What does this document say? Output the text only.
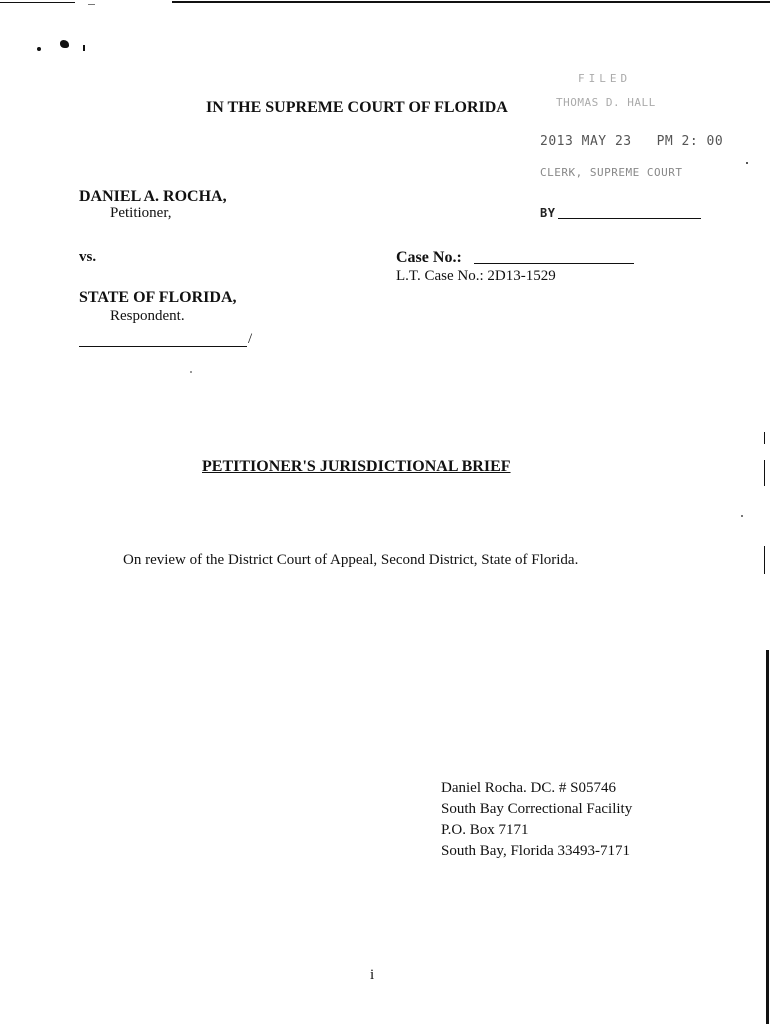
IN THE SUPREME COURT OF FLORIDA
FILED
THOMAS D. HALL
2013 MAY 23   PM 2: 00
CLERK, SUPREME COURT
BY
DANIEL A. ROCHA,
Petitioner,
vs.
STATE OF FLORIDA,
Respondent.
/
Case No.:
L.T. Case No.: 2D13-1529
PETITIONER'S JURISDICTIONAL BRIEF
On review of the District Court of Appeal, Second District, State of Florida.
Daniel Rocha. DC. # S05746
South Bay Correctional Facility
P.O. Box 7171
South Bay, Florida 33493-7171
i
